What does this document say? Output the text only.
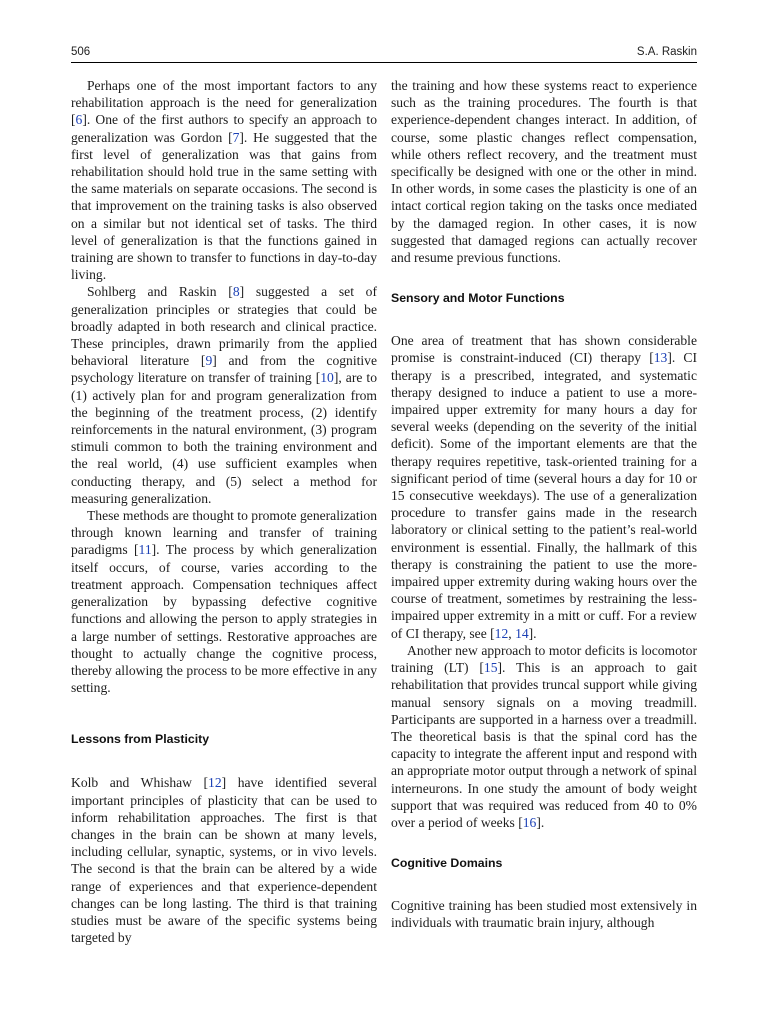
506	S.A. Raskin

Perhaps one of the most important factors to any rehabilitation approach is the need for generalization [6]. One of the first authors to specify an approach to generalization was Gordon [7]. He suggested that the first level of generalization was that gains from rehabilitation should hold true in the same setting with the same materials on separate occasions. The second is that improvement on the training tasks is also observed on a similar but not identical set of tasks. The third level of generalization is that the functions gained in training are shown to transfer to functions in day-to-day living.

Sohlberg and Raskin [8] suggested a set of generalization principles or strategies that could be broadly adapted in both research and clinical practice. These principles, drawn primarily from the applied behavioral literature [9] and from the cognitive psychology literature on transfer of training [10], are to (1) actively plan for and program generalization from the beginning of the treatment process, (2) identify reinforcements in the natural environment, (3) program stimuli common to both the training environment and the real world, (4) use sufficient examples when conducting therapy, and (5) select a method for measuring generalization.

These methods are thought to promote generalization through known learning and transfer of training paradigms [11]. The process by which generalization itself occurs, of course, varies according to the treatment approach. Compensation techniques affect generalization by bypassing defective cognitive functions and allowing the person to apply strategies in a large number of settings. Restorative approaches are thought to actually change the cognitive process, thereby allowing the process to be more effective in any setting.

Lessons from Plasticity

Kolb and Whishaw [12] have identified several important principles of plasticity that can be used to inform rehabilitation approaches. The first is that changes in the brain can be shown at many levels, including cellular, synaptic, systems, or in vivo levels. The second is that the brain can be altered by a wide range of experiences and that experience-dependent changes can be long lasting. The third is that training studies must be aware of the specific systems being targeted by

the training and how these systems react to experience such as the training procedures. The fourth is that experience-dependent changes interact. In addition, of course, some plastic changes reflect compensation, while others reflect recovery, and the treatment must specifically be designed with one or the other in mind. In other words, in some cases the plasticity is one of an intact cortical region taking on the tasks once mediated by the damaged region. In other cases, it is now suggested that damaged regions can actually recover and resume previous functions.

Sensory and Motor Functions

One area of treatment that has shown considerable promise is constraint-induced (CI) therapy [13]. CI therapy is a prescribed, integrated, and systematic therapy designed to induce a patient to use a more-impaired upper extremity for many hours a day for several weeks (depending on the severity of the initial deficit). Some of the important elements are that the therapy requires repetitive, task-oriented training for a significant period of time (several hours a day for 10 or 15 consecutive weekdays). The use of a generalization procedure to transfer gains made in the research laboratory or clinical setting to the patient’s real-world environment is essential. Finally, the hallmark of this therapy is constraining the patient to use the more-impaired upper extremity during waking hours over the course of treatment, sometimes by restraining the less-impaired upper extremity in a mitt or cuff. For a review of CI therapy, see [12, 14].

Another new approach to motor deficits is locomotor training (LT) [15]. This is an approach to gait rehabilitation that provides truncal support while giving manual sensory signals on a moving treadmill. Participants are supported in a harness over a treadmill. The theoretical basis is that the spinal cord has the capacity to integrate the afferent input and respond with an appropriate motor output through a network of spinal interneurons. In one study the amount of body weight support that was required was reduced from 40 to 0% over a period of weeks [16].

Cognitive Domains

Cognitive training has been studied most extensively in individuals with traumatic brain injury, although
